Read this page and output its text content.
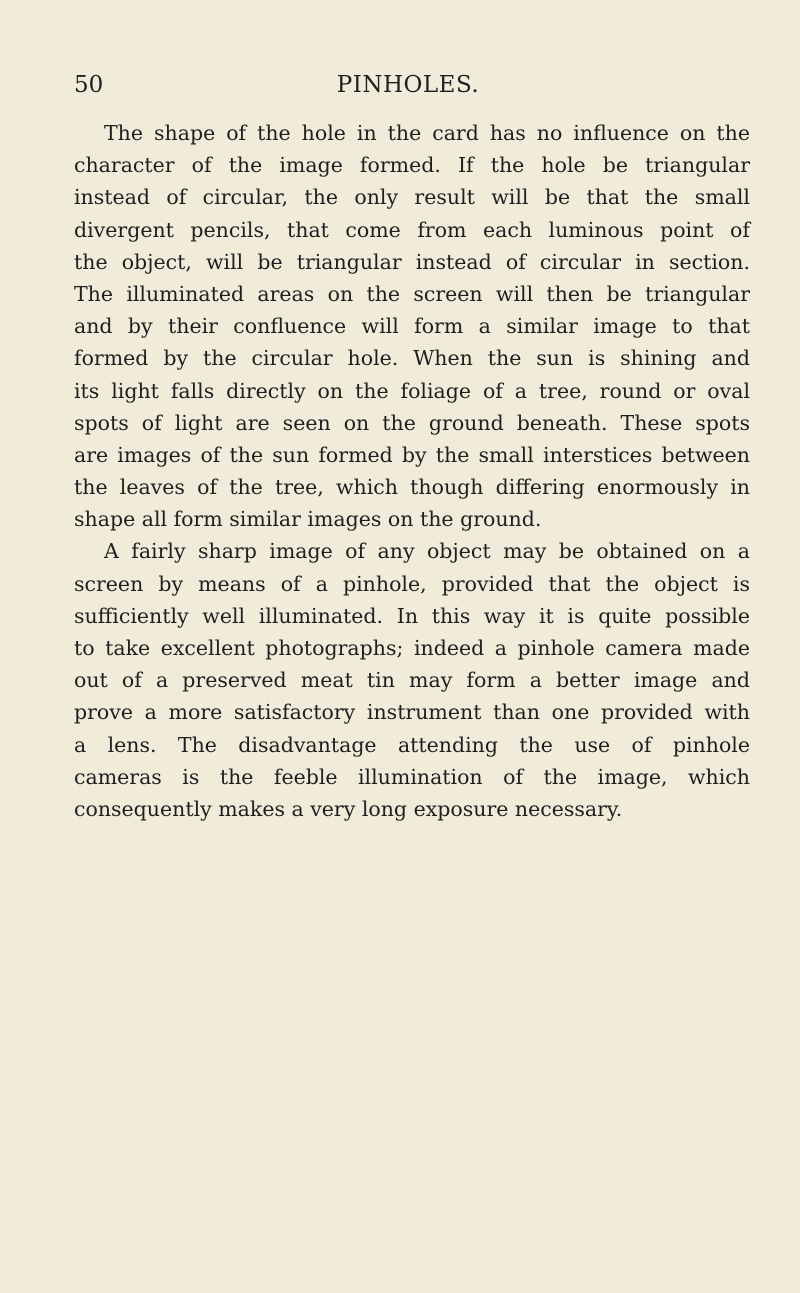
50	PINHOLES.
The shape of the hole in the card has no influence on the
character of the image formed. If the hole be triangular
instead of circular, the only result will be that the small
divergent pencils, that come from each luminous point of
the object, will be triangular instead of circular in section.
The illuminated areas on the screen will then be triangular
and by their confluence will form a similar image to that
formed by the circular hole. When the sun is shining and
its light falls directly on the foliage of a tree, round or oval
spots of light are seen on the ground beneath. These spots
are images of the sun formed by the small interstices between
the leaves of the tree, which though differing enormously in
shape all form similar images on the ground.
A fairly sharp image of any object may be obtained on a
screen by means of a pinhole, provided that the object is
sufficiently well illuminated. In this way it is quite possible
to take excellent photographs; indeed a pinhole camera made
out of a preserved meat tin may form a better image and
prove a more satisfactory instrument than one provided with
a lens. The disadvantage attending the use of pinhole
cameras is the feeble illumination of the image, which
consequently makes a very long exposure necessary.
